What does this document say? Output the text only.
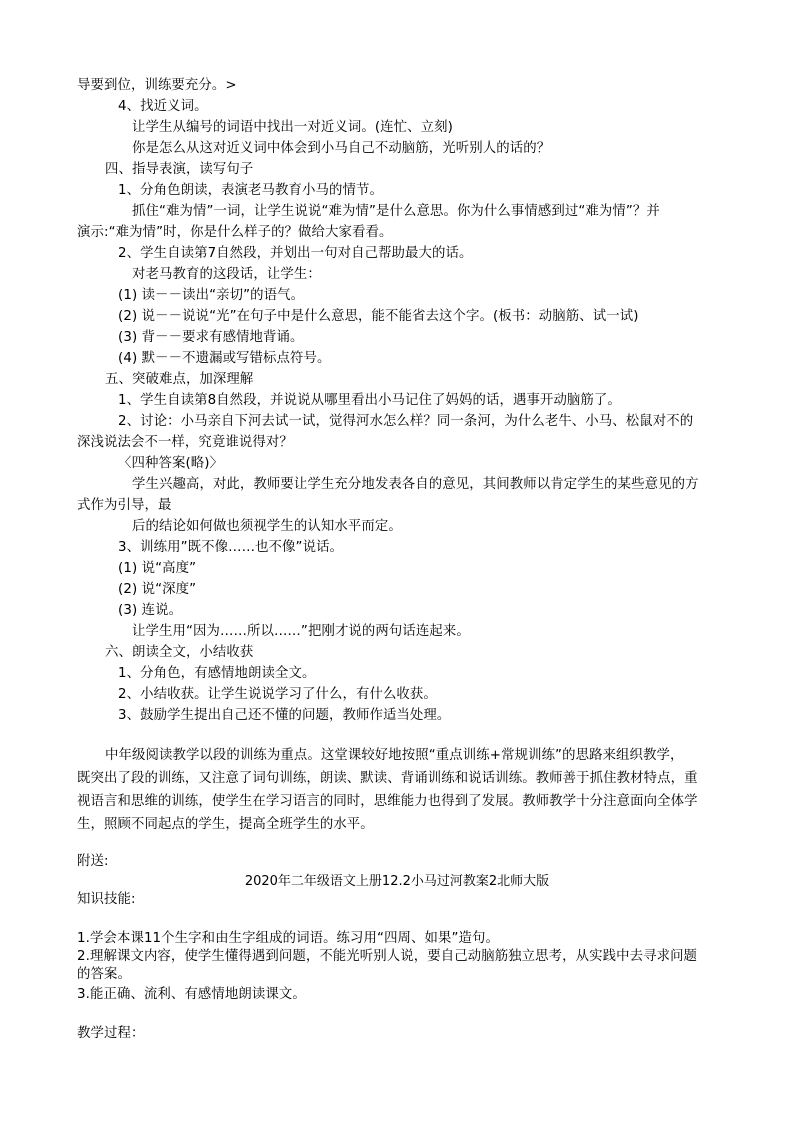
导要到位，训练要充分。>

4、找近义词。

让学生从编号的词语中找出一对近义词。(连忙、立刻)

你是怎么从这对近义词中体会到小马自己不动脑筋，光听别人的话的？

四、指导表演，读写句子

1、分角色朗读，表演老马教育小马的情节。

抓住“难为情”一词，让学生说说“难为情”是什么意思。你为什么事情感到过“难为情”？并

演示:“难为情”时，你是什么样子的？做给大家看看。

2、学生自读第7自然段，并划出一句对自己帮助最大的话。

对老马教育的这段话，让学生：

(1) 读－－读出“亲切”的语气。

(2) 说－－说说“光”在句子中是什么意思，能不能省去这个字。(板书：动脑筋、试一试)

(3) 背－－要求有感情地背诵。

(4) 默－－不遗漏或写错标点符号。

五、突破难点，加深理解

1、学生自读第8自然段，并说说从哪里看出小马记住了妈妈的话，遇事开动脑筋了。

2、讨论：小马亲自下河去试一试，觉得河水怎么样？同一条河，为什么老牛、小马、松鼠对不的

深浅说法会不一样，究竟谁说得对？

〈四种答案(略)〉

学生兴趣高，对此，教师要让学生充分地发表各自的意见，其间教师以肯定学生的某些意见的方

式作为引导，最

后的结论如何做也须视学生的认知水平而定。

3、训练用”既不像……也不像”说话。

(1) 说“高度”

(2) 说“深度”

(3) 连说。

让学生用“因为……所以……”把刚才说的两句话连起来。

六、朗读全文，小结收获

1、分角色，有感情地朗读全文。

2、小结收获。让学生说说学习了什么，有什么收获。

3、鼓励学生提出自己还不懂的问题，教师作适当处理。

中年级阅读教学以段的训练为重点。这堂课较好地按照“重点训练+常规训练”的思路来组织教学，

既突出了段的训练，又注意了词句训练，朗读、默读、背诵训练和说话训练。教师善于抓住教材特点，重

视语言和思维的训练，使学生在学习语言的同时，思维能力也得到了发展。教师教学十分注意面向全体学

生，照顾不同起点的学生，提高全班学生的水平。

附送:

2020年二年级语文上册12.2小马过河教案2北师大版

知识技能:

1.学会本课11个生字和由生字组成的词语。练习用“四周、如果”造句。

2.理解课文内容，使学生懂得遇到问题，不能光听别人说，要自己动脑筋独立思考，从实践中去寻求问题

的答案。

3.能正确、流利、有感情地朗读课文。

教学过程：
